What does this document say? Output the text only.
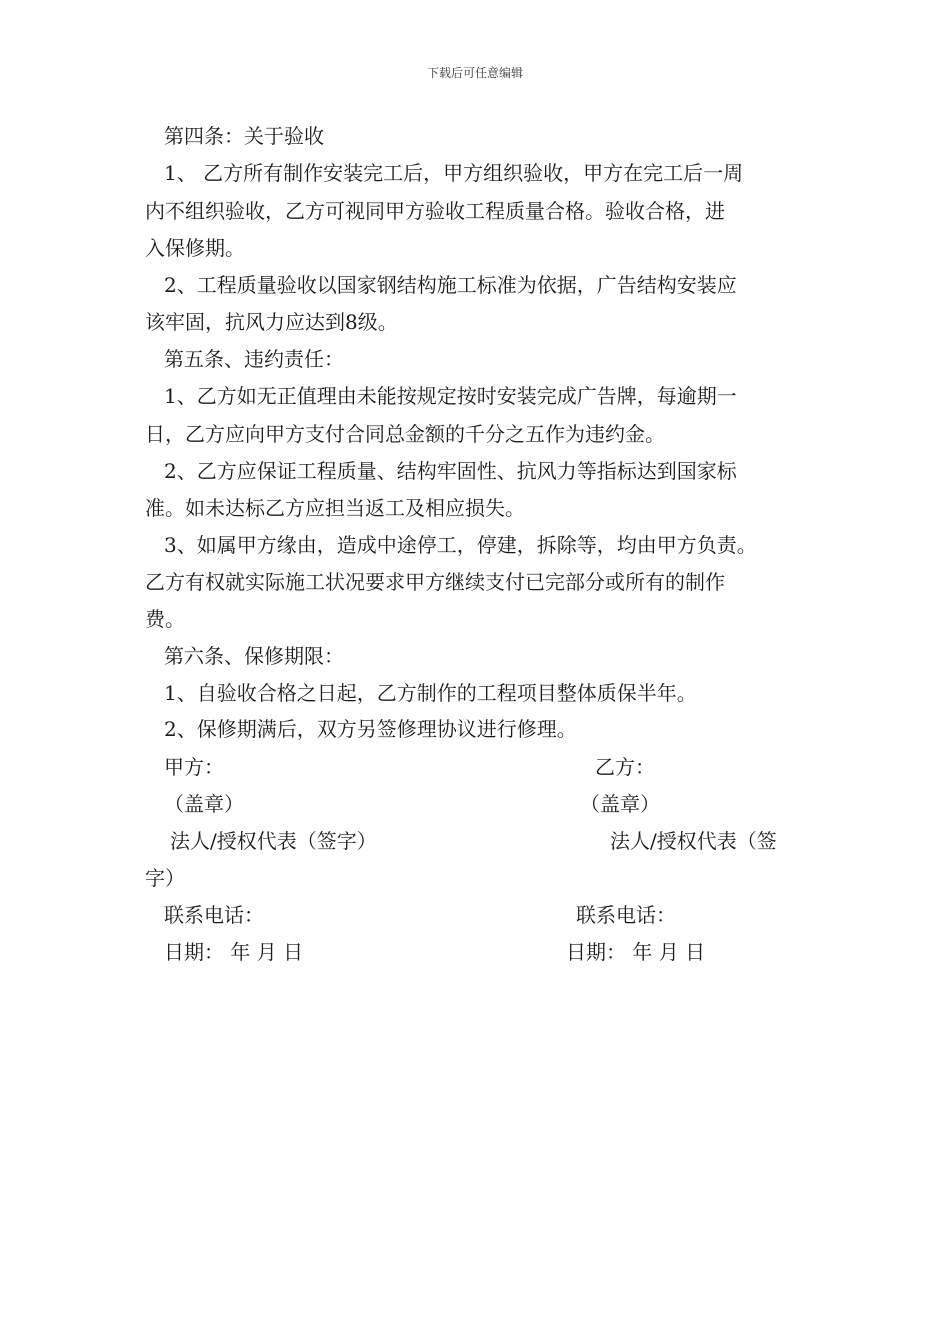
下载后可任意编辑
第四条：关于验收
1、 乙方所有制作安装完工后，甲方组织验收，甲方在完工后一周
内不组织验收，乙方可视同甲方验收工程质量合格。验收合格，进
入保修期。
2、工程质量验收以国家钢结构施工标准为依据，广告结构安装应
该牢固，抗风力应达到8级。
第五条、违约责任：
1、乙方如无正值理由未能按规定按时安装完成广告牌，每逾期一
日，乙方应向甲方支付合同总金额的千分之五作为违约金。
2、乙方应保证工程质量、结构牢固性、抗风力等指标达到国家标
准。如未达标乙方应担当返工及相应损失。
3、如属甲方缘由，造成中途停工，停建，拆除等，均由甲方负责。
乙方有权就实际施工状况要求甲方继续支付已完部分或所有的制作
费。
第六条、保修期限：
1、自验收合格之日起，乙方制作的工程项目整体质保半年。
2、保修期满后，双方另签修理协议进行修理。
甲方：	乙方：
（盖章）	（盖章）
法人/授权代表（签字）	法人/授权代表（签
字）
联系电话：	联系电话：
日期： 年 月 日	日期： 年 月 日
